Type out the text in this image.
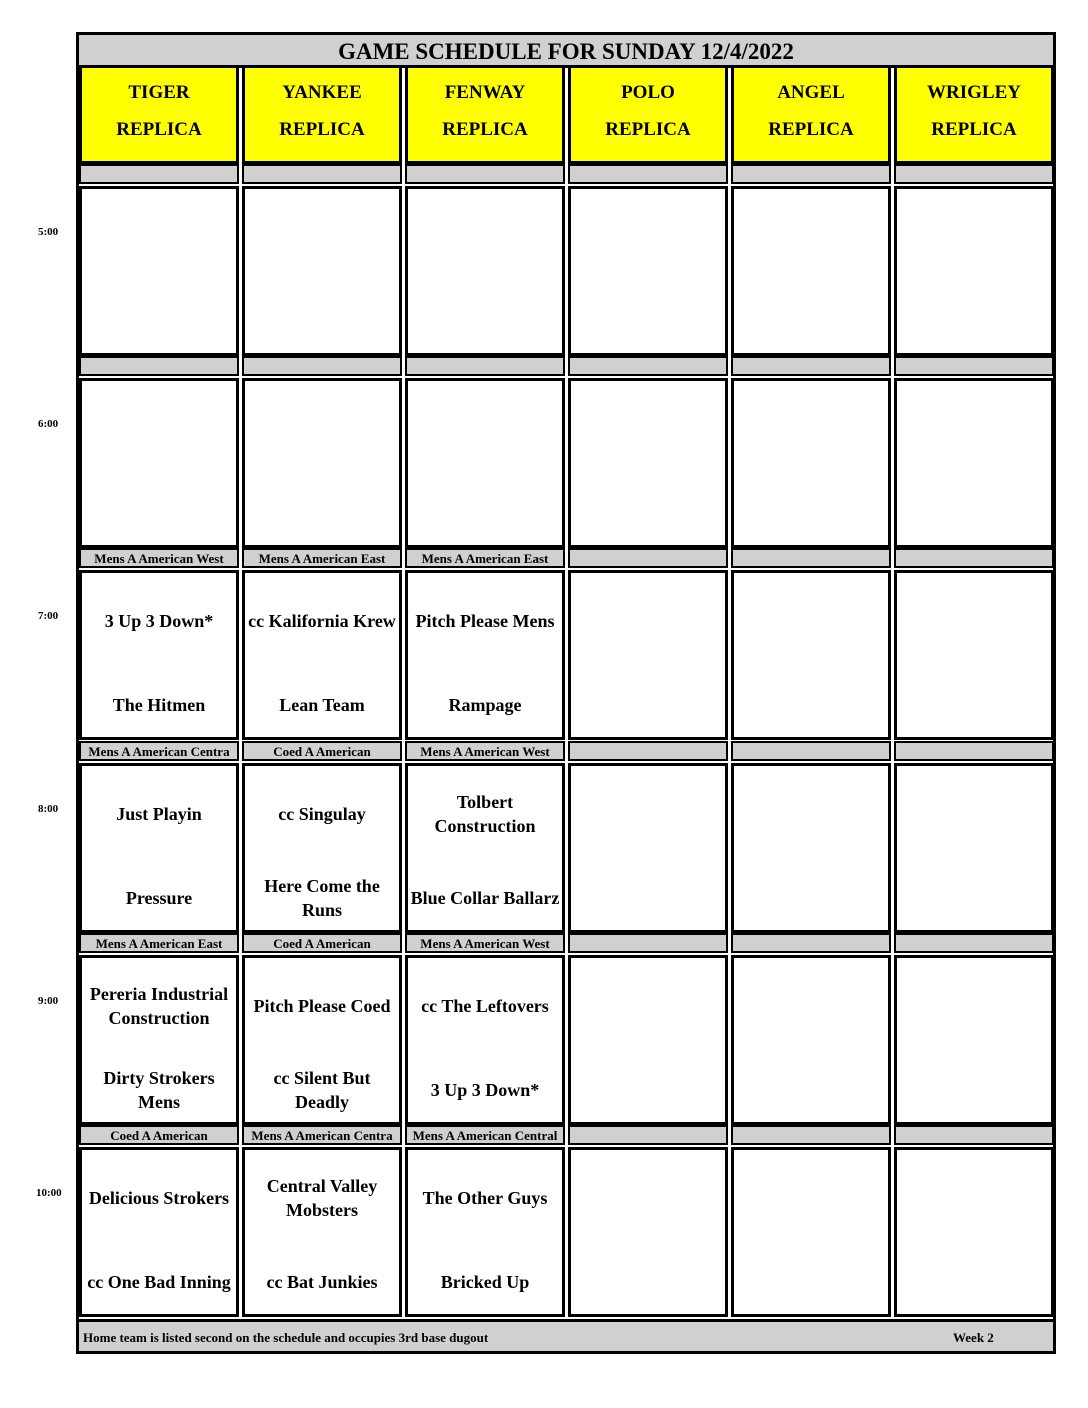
5:00
6:00
7:00
8:00
9:00
10:00
GAME SCHEDULE FOR SUNDAY 12/4/2022
TIGER
REPLICA
Mens A American West
3 Up 3 Down*
The Hitmen
Mens A American Centra
Just Playin
Pressure
Mens A American East
Pereria Industrial Construction
Dirty Strokers Mens
Coed A American
Delicious Strokers
cc One Bad Inning
YANKEE
REPLICA
Mens A American East
cc Kalifornia Krew
Lean Team
Coed A American
cc Singulay
Here Come the Runs
Coed A American
Pitch Please Coed
cc Silent But Deadly
Mens A American Centra
Central Valley Mobsters
cc Bat Junkies
FENWAY
REPLICA
Mens A American East
Pitch Please Mens
Rampage
Mens A American West
Tolbert Construction
Blue Collar Ballarz
Mens A American West
cc The Leftovers
3 Up 3 Down*
Mens A American Central
The Other Guys
Bricked Up
POLO
REPLICA
ANGEL
REPLICA
WRIGLEY
REPLICA
Home team is listed second on the schedule and occupies 3rd base dugout	Week 2
